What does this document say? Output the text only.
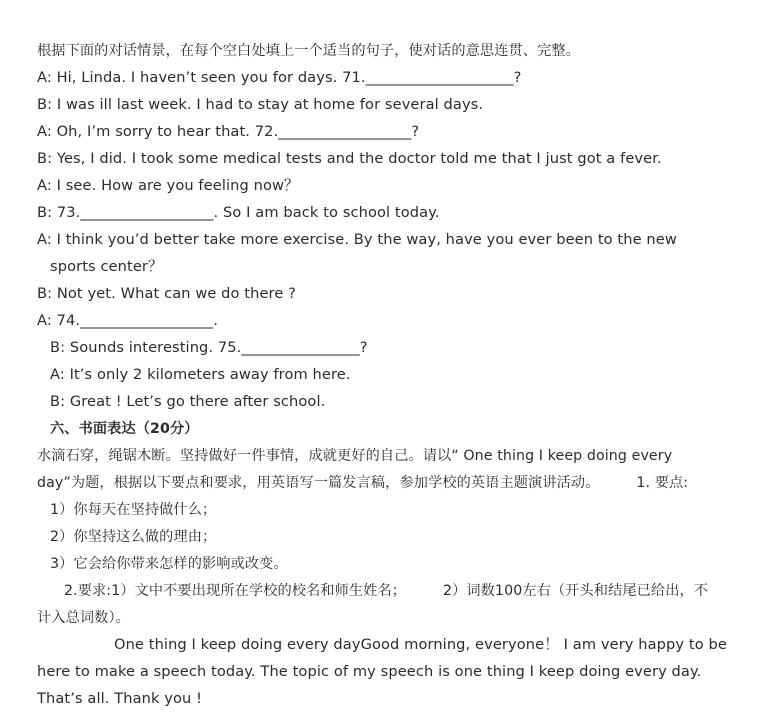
根据下面的对话情景，在每个空白处填上一个适当的句子，使对话的意思连贯、完整。
A: Hi, Linda. I haven’t seen you for days. 71.____________________?
B: I was ill last week. I had to stay at home for several days.
A: Oh, I’m sorry to hear that. 72.__________________?
B: Yes, I did. I took some medical tests and the doctor told me that I just got a fever.
A: I see. How are you feeling now？
B: 73.__________________. So I am back to school today.
A: I think you’d better take more exercise. By the way, have you ever been to the new
sports center？
B: Not yet. What can we do there ?
A: 74.__________________.
B: Sounds interesting. 75.________________?
A: It’s only 2 kilometers away from here.
B: Great ! Let’s go there after school.
六、书面表达（20分）
水滴石穿，绳锯木断。坚持做好一件事情，成就更好的自己。请以“ One thing I keep doing every
day”为题，根据以下要点和要求，用英语写一篇发言稿，参加学校的英语主题演讲活动。        1. 要点:
1）你每天在坚持做什么；
2）你坚持这么做的理由；
3）它会给你带来怎样的影响或改变。
2.要求:1）文中不要出现所在学校的校名和师生姓名；        2）词数100左右（开头和结尾已给出，不
计入总词数）。
One thing I keep doing every dayGood morning, everyone！ I am very happy to be
here to make a speech today. The topic of my speech is one thing I keep doing every day.
That’s all. Thank you !
